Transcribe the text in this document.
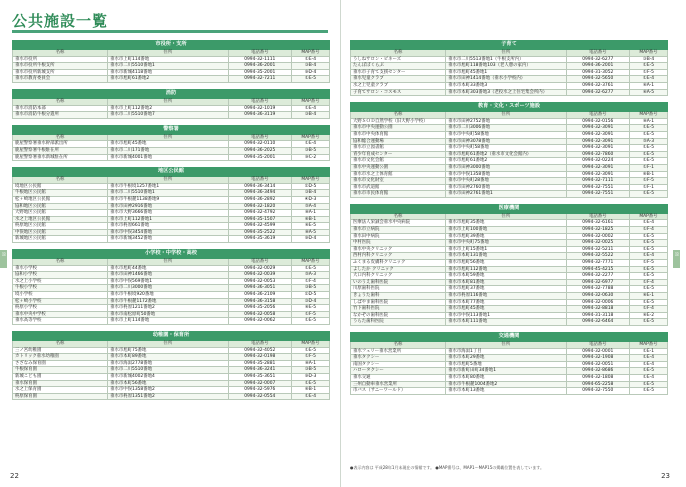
公共施設
公共施設一覧
市役所・支所			
名称	住所	電話番号	MAP番号
垂水市役所	垂水市上町114番地	0994-32-1111	①E-4
垂水市役所牛根支所	垂水市二川5510番地1	0994-36-2001	③B-4
垂水市役所新城支所	垂水市新城4118番地	0994-35-2001	⑨D-4
垂水市教育委員会	垂水市旭町61番地2	0994-32-7211	①E-5
消防			
名称	住所	電話番号	MAP番号
垂水市消防本部	垂水市上町112番地2	0994-32-1019	①E-4
垂水市消防牛根分遣所	垂水市二川5510番地7	0994-36-3119	③B-4
警察署			
名称	住所	電話番号	MAP番号
鹿屋警察署垂水幹部派出所	垂水市旭町45番地	0994-32-0110	①E-4
鹿屋警察署牛根駐在所	垂水市二川171番地	0994-36-2025	③B-5
鹿屋警察署垂水新城駐在所	垂水市新城4001番地	0994-35-2001	⑨C-2
地区公民館			
名称	住所	電話番号	MAP番号
境地区公民館	垂水市牛根境1257番地1	0994-36-3414	②D-5
牛根地区公民館	垂水市二川5510番地1	0994-36-3494	③B-4
松ヶ崎地区公民館	垂水市牛根麓1138番地9	0994-36-2892	④D-3
協和地区公民館	垂水市田神2916番地	0994-32-1820	⑤A-4
大野地区公民館	垂水市大野3666番地	0994-32-4792	⑧A-1
水之上地区公民館	垂水市上町112番地1	0994-35-1507	⑥B-1
柊原地区公民館	垂水市柊原661番地	0994-32-4599	⑥E-5
中俣地区公民館	垂水市中俣3454番地	0994-35-2522	⑧A-5
新城地区公民館	垂水市新城3452番地	0994-35-3619	⑨D-4
小学校・中学校・高校			
名称	住所	電話番号	MAP番号
垂水小学校	垂水市旭町44番地	0994-32-0029	①E-5
協和小学校	垂水市田神1466番地	0994-32-0039	⑤A-3
水之上小学校	垂水市中俣569番地1	0994-32-0053	①F-4
牛根小学校	垂水市二川3000番地	0994-36-3051	③B-5
境小学校	垂水市牛根境920番地	0994-36-2109	②D-5
松ヶ崎小学校	垂水市牛根麓1172番地	0994-36-3158	③D-4
柊原小学校	垂水市柊原1211番地2	0994-35-2056	⑥E-5
垂水中央中学校	垂水市南松原町50番地	0994-32-0058	①F-5
垂水高等学校	垂水市上町114番地	0994-32-0062	①E-5
幼稚園・保育所			
名称	住所	電話番号	MAP番号
三ノ宮幼稚園	垂水市旭町75番地	0994-32-4052	①E-5
カトリック垂水幼稚園	垂水市本町89番地	0994-32-0198	①F-5
さざなみ保育園	垂水市海潟2778番地	0994-35-2881	⑧A-1
牛根保育園	垂水市二川5510番地	0994-36-3241	③B-5
新城こども園	垂水市新城4002番地4	0994-35-3651	⑨D-3
垂水保育園	垂水市本町56番地	0994-32-0007	①E-5
水之上保育園	垂水市中俣1358番地2	0994-32-5976	⑥B-1
柊原保育園	垂水市柊原1351番地2	0994-32-0554	①E-4
22
公共施設
子育て			
名称	住所	電話番号	MAP番号
うしねサロン・ピネーズ	垂水市二川5513番地1（牛根支所内）	0994-32-6277	③B-4
たんぽぽくらぶ	垂水市旭町118番地103（老人憩の家内）	0994-36-2001	①E-5
垂水市子育て支援センター	垂水市旭町45番地1	0994-31-3052	①F-5
垂水児童クラブ	垂水市田神1414番地（垂水小学校内）	0994-32-5650	①E-4
水之上児童クラブ	垂水市本町33番地3	0994-32-3761	⑥A-1
子育てサロン・コスモス	垂水市本町303番地3（老役水之上住宅集会所内）	0994-32-6277	⑥A-5
教育・文化・スポーツ施設			
名称	住所	電話番号	MAP番号
大野ＳＯＤ自然学校（旧大野小学校）	垂水市田神2752番地	0994-32-0156	⑧A-1
垂水市中央運動公園	垂水市二川3006番地	0994-32-3091	①E-5
垂水市中央体育館	垂水市中央町58番地	0994-32-3091	①E-5
協和総合運動場	垂水市田神3078番地	0994-32-3091	⑤A-3
垂水市立図書館	垂水市中央町58番地	0994-32-3091	①E-5
青少年育成センター	垂水市旭町61番地2（垂水市文化会館内）	0994-32-7860	①E-5
垂水市文化会館	垂水市旭町61番地2	0994-32-0224	①E-5
垂水中央運動公園	垂水市田神3000番地	0994-32-3091	①F-1
垂水市水之上体育館	垂水市中俣1358番地	0994-32-3091	⑥B-1
垂水市文化財室	垂水市中央町28番地	0994-32-7111	①F-5
垂水市武道館	垂水市田神2760番地	0994-32-7551	①F-1
垂水市市民体育館	垂水市田神2761番地1	0994-32-7551	①E-5
医療機関			
名称	住所	電話番号	MAP番号
医療法人栄誠会垂水中央病院	垂水市旭町35番地	0994-32-6161	①E-4
垂水市立病院	垂水市上町100番地	0994-32-1825	①F-4
垂水田中病院	垂水市旭町39番地	0994-32-0002	①E-5
中村医院	垂水市中央町75番地	0994-32-0025	①E-5
垂水中央クリニック	垂水市上町15番地1	0994-32-5211	①E-5
西村内科クリニック	垂水市本町131番地	0994-32-5522	①E-4
ふくまる皮膚科クリニック	垂水市旭町56番地	0994-32-7771	①F-5
よしたか クリニック	垂水市旭町112番地	0994-45-4215	①E-5
大口内科クリニック	垂水市本町59番地	0994-32-2277	①E-5
いのうえ歯科医院	垂水市本町81番地	0994-32-6977	①F-4
川原歯科医院	垂水市旭町37番地	0994-32-7788	①E-5
きょうた歯科	垂水市柊原116番地	0994-32-0630	⑥E-1
しばやま歯科医院	垂水市本町77番地	0994-32-0006	①E-5
竹下歯科医院	垂水市旭町45番地	0994-32-8818	①F-4
なかぞの歯科医院	垂水市中俣113番地1	0994-31-3118	⑥E-2
うらた歯科医院	垂水市本町111番地	0994-32-6464	①E-5
交通機関			
名称	住所	電話番号	MAP番号
垂水フェリー垂水営業所	垂水市海潟1丁目	0994-32-0001	①E-1
垂水タクシー	垂水市本町29番地	0994-32-1908	①E-4
南国タクシー	垂水市旭町5番地	0994-32-0051	①E-4
ハロータクシー	垂水市新町田町34番地1	0994-32-8686	①E-5
垂水交通	垂水市本町80番地	0994-32-1808	①E-4
三州自動車垂水営業所	垂水市牛根麓1004番地2	0994-65-2258	①E-5
市バス（サニーワールド）	垂水市本町13番地	0994-32-7550	①E-5
●表示内容は 平成28年1月末現在の情報です。 ●MAP番号は、MAP1〜MAP15の掲載位置を表しています。
23
